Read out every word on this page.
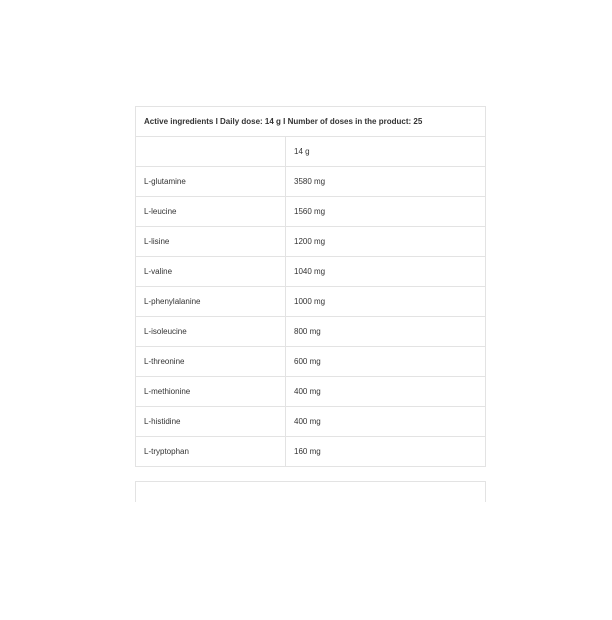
Active ingredients I Daily dose: 14 g I Number of doses in the product: 25	
	14 g
L-glutamine	3580 mg
L-leucine	1560 mg
L-lisine	1200 mg
L-valine	1040 mg
L-phenylalanine	1000 mg
L-isoleucine	800 mg
L-threonine	600 mg
L-methionine	400 mg
L-histidine	400 mg
L-tryptophan	160 mg
